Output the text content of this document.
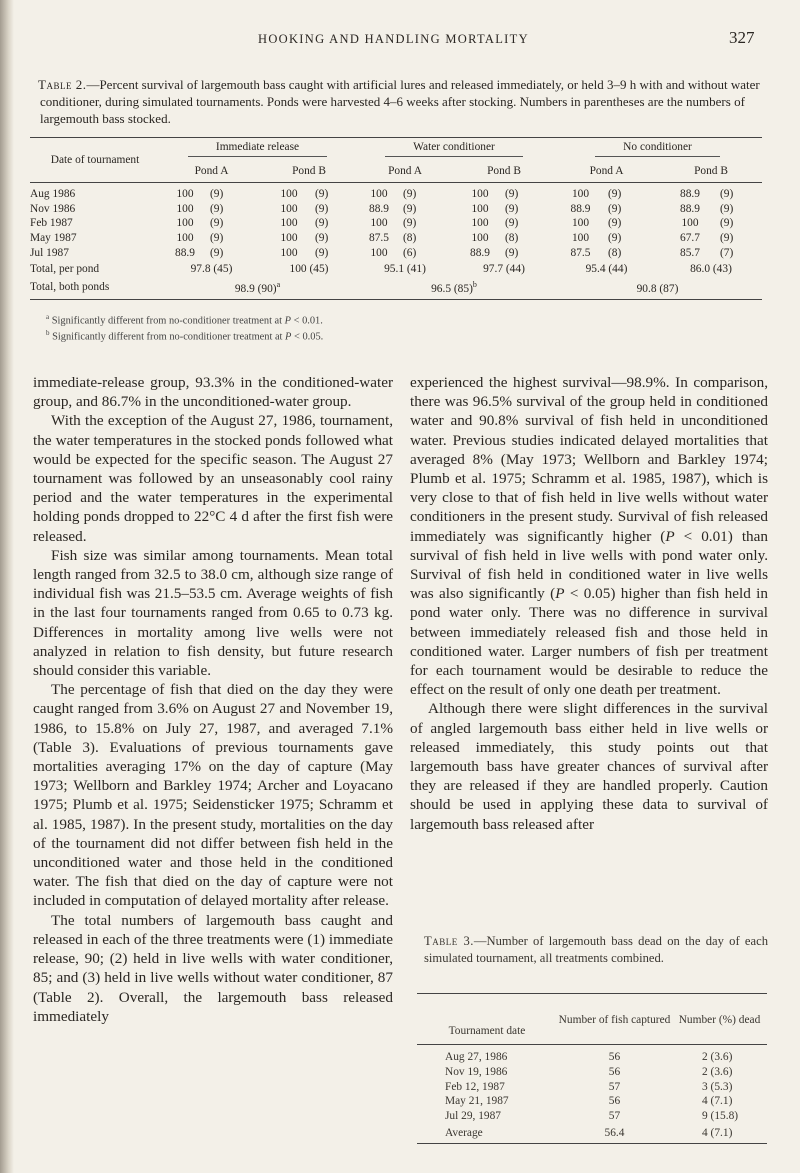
HOOKING AND HANDLING MORTALITY	327
Table 2.—Percent survival of largemouth bass caught with artificial lures and released immediately, or held 3–9 h with and without water conditioner, during simulated tournaments. Ponds were harvested 4–6 weeks after stocking. Numbers in parentheses are the numbers of largemouth bass stocked.
Date of tournament	Immediate release				Water conditioner				No conditioner			
	Pond A		Pond B		Pond A		Pond B		Pond A		Pond B	
Aug 1986	100	(9)	100	(9)	100	(9)	100	(9)	100	(9)	88.9	(9)
Nov 1986	100	(9)	100	(9)	88.9	(9)	100	(9)	88.9	(9)	88.9	(9)
Feb 1987	100	(9)	100	(9)	100	(9)	100	(9)	100	(9)	100	(9)
May 1987	100	(9)	100	(9)	87.5	(8)	100	(8)	100	(9)	67.7	(9)
Jul 1987	88.9	(9)	100	(9)	100	(6)	88.9	(9)	87.5	(8)	85.7	(7)
Total, per pond	97.8 (45)		100 (45)		95.1 (41)		97.7 (44)		95.4 (44)		86.0 (43)	
Total, both ponds	98.9 $(90)^a$				96.5 $(85)^b$				90.8 (87)			
$^a$ Significantly different from no-conditioner treatment at P < 0.01.
$^b$ Significantly different from no-conditioner treatment at P < 0.05.

immediate-release group, 93.3% in the conditioned-water group, and 86.7% in the unconditioned-water group.

With the exception of the August 27, 1986, tournament, the water temperatures in the stocked ponds followed what would be expected for the specific season. The August 27 tournament was followed by an unseasonably cool rainy period and the water temperatures in the experimental holding ponds dropped to 22°C 4 d after the first fish were released.

Fish size was similar among tournaments. Mean total length ranged from 32.5 to 38.0 cm, although size range of individual fish was 21.5–53.5 cm. Average weights of fish in the last four tournaments ranged from 0.65 to 0.73 kg. Differences in mortality among live wells were not analyzed in relation to fish density, but future research should consider this variable.

The percentage of fish that died on the day they were caught ranged from 3.6% on August 27 and November 19, 1986, to 15.8% on July 27, 1987, and averaged 7.1% (Table 3). Evaluations of previous tournaments gave mortalities averaging 17% on the day of capture (May 1973; Wellborn and Barkley 1974; Archer and Loyacano 1975; Plumb et al. 1975; Seidensticker 1975; Schramm et al. 1985, 1987). In the present study, mortalities on the day of the tournament did not differ between fish held in the unconditioned water and those held in the conditioned water. The fish that died on the day of capture were not included in computation of delayed mortality after release.

The total numbers of largemouth bass caught and released in each of the three treatments were (1) immediate release, 90; (2) held in live wells with water conditioner, 85; and (3) held in live wells without water conditioner, 87 (Table 2). Overall, the largemouth bass released immediately

experienced the highest survival—98.9%. In comparison, there was 96.5% survival of the group held in conditioned water and 90.8% survival of fish held in unconditioned water. Previous studies indicated delayed mortalities that averaged 8% (May 1973; Wellborn and Barkley 1974; Plumb et al. 1975; Schramm et al. 1985, 1987), which is very close to that of fish held in live wells without water conditioners in the present study. Survival of fish released immediately was significantly higher (P < 0.01) than survival of fish held in live wells with pond water only. Survival of fish held in conditioned water in live wells was also significantly (P < 0.05) higher than fish held in pond water only. There was no difference in survival between immediately released fish and those held in conditioned water. Larger numbers of fish per treatment for each tournament would be desirable to reduce the effect on the result of only one death per treatment.

Although there were slight differences in the survival of angled largemouth bass either held in live wells or released immediately, this study points out that largemouth bass have greater chances of survival after they are released if they are handled properly. Caution should be used in applying these data to survival of largemouth bass released after

Table 3.—Number of largemouth bass dead on the day of each simulated tournament, all treatments combined.
Tournament date	Number of fish captured	Number (%) dead
Aug 27, 1986	56	2 (3.6)
Nov 19, 1986	56	2 (3.6)
Feb 12, 1987	57	3 (5.3)
May 21, 1987	56	4 (7.1)
Jul 29, 1987	57	9 (15.8)
Average	56.4	4 (7.1)
